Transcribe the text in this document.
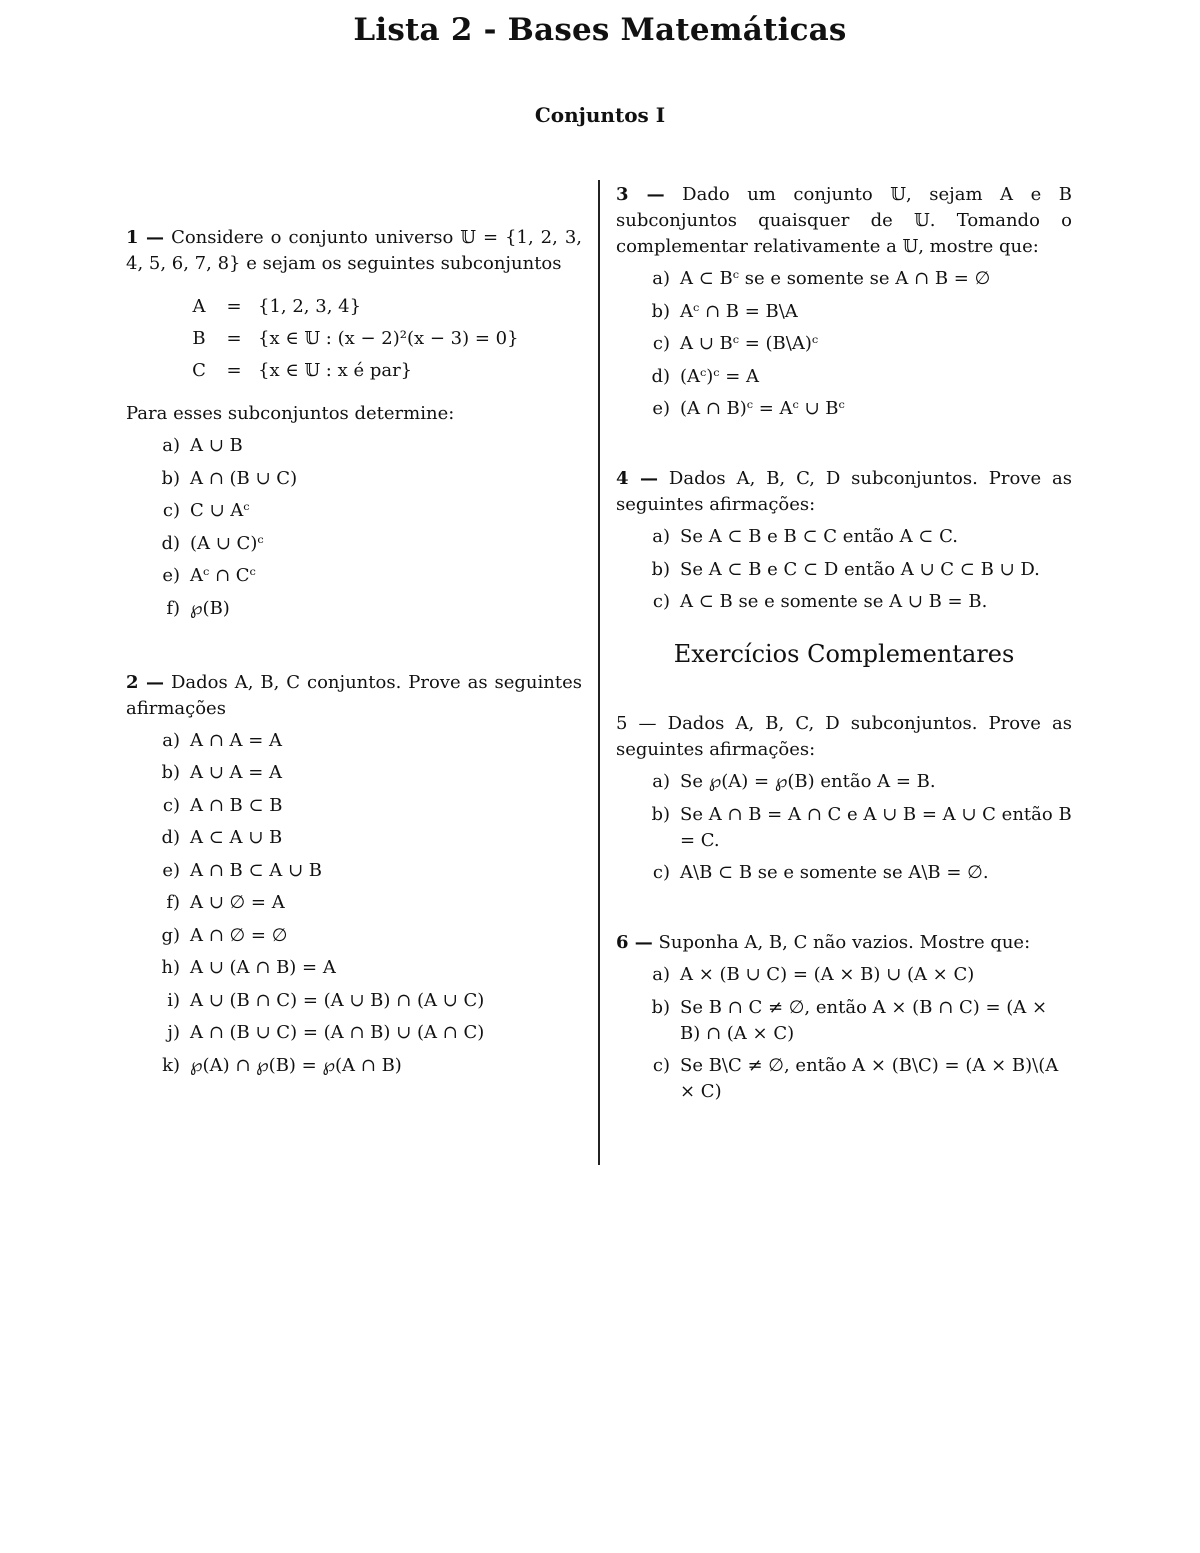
Lista 2 - Bases Matemáticas
Conjuntos I
1 — Considere o conjunto universo 𝕌 = {1, 2, 3, 4, 5, 6, 7, 8} e sejam os seguintes subconjuntos
A	= {1, 2, 3, 4}
B	= {x ∈ 𝕌 : (x − 2)²(x − 3) = 0}
C	= {x ∈ 𝕌 : x é par}
Para esses subconjuntos determine:
a) A ∪ B
b) A ∩ (B ∪ C)
c) C ∪ Aᶜ
d) (A ∪ C)ᶜ
e) Aᶜ ∩ Cᶜ
f) ℘(B)
2 — Dados A, B, C conjuntos. Prove as seguintes afirmações
a) A ∩ A = A
b) A ∪ A = A
c) A ∩ B ⊂ B
d) A ⊂ A ∪ B
e) A ∩ B ⊂ A ∪ B
f) A ∪ ∅ = A
g) A ∩ ∅ = ∅
h) A ∪ (A ∩ B) = A
i) A ∪ (B ∩ C) = (A ∪ B) ∩ (A ∪ C)
j) A ∩ (B ∪ C) = (A ∩ B) ∪ (A ∩ C)
k) ℘(A) ∩ ℘(B) = ℘(A ∩ B)
3 — Dado um conjunto 𝕌, sejam A e B subconjuntos quaisquer de 𝕌. Tomando o complementar relativamente a 𝕌, mostre que:
a) A ⊂ Bᶜ se e somente se A ∩ B = ∅
b) Aᶜ ∩ B = B\A
c) A ∪ Bᶜ = (B\A)ᶜ
d) (Aᶜ)ᶜ = A
e) (A ∩ B)ᶜ = Aᶜ ∪ Bᶜ
4 — Dados A, B, C, D subconjuntos. Prove as seguintes afirmações:
a) Se A ⊂ B e B ⊂ C então A ⊂ C.
b) Se A ⊂ B e C ⊂ D então A ∪ C ⊂ B ∪ D.
c) A ⊂ B se e somente se A ∪ B = B.
Exercícios Complementares
5 — Dados A, B, C, D subconjuntos. Prove as seguintes afirmações:
a) Se ℘(A) = ℘(B) então A = B.
b) Se A ∩ B = A ∩ C e A ∪ B = A ∪ C então B = C.
c) A\B ⊂ B se e somente se A\B = ∅.
6 — Suponha A, B, C não vazios. Mostre que:
a) A × (B ∪ C) = (A × B) ∪ (A × C)
b) Se B ∩ C ≠ ∅, então A × (B ∩ C) = (A × B) ∩ (A × C)
c) Se B\C ≠ ∅, então A × (B\C) = (A × B)\(A × C)
